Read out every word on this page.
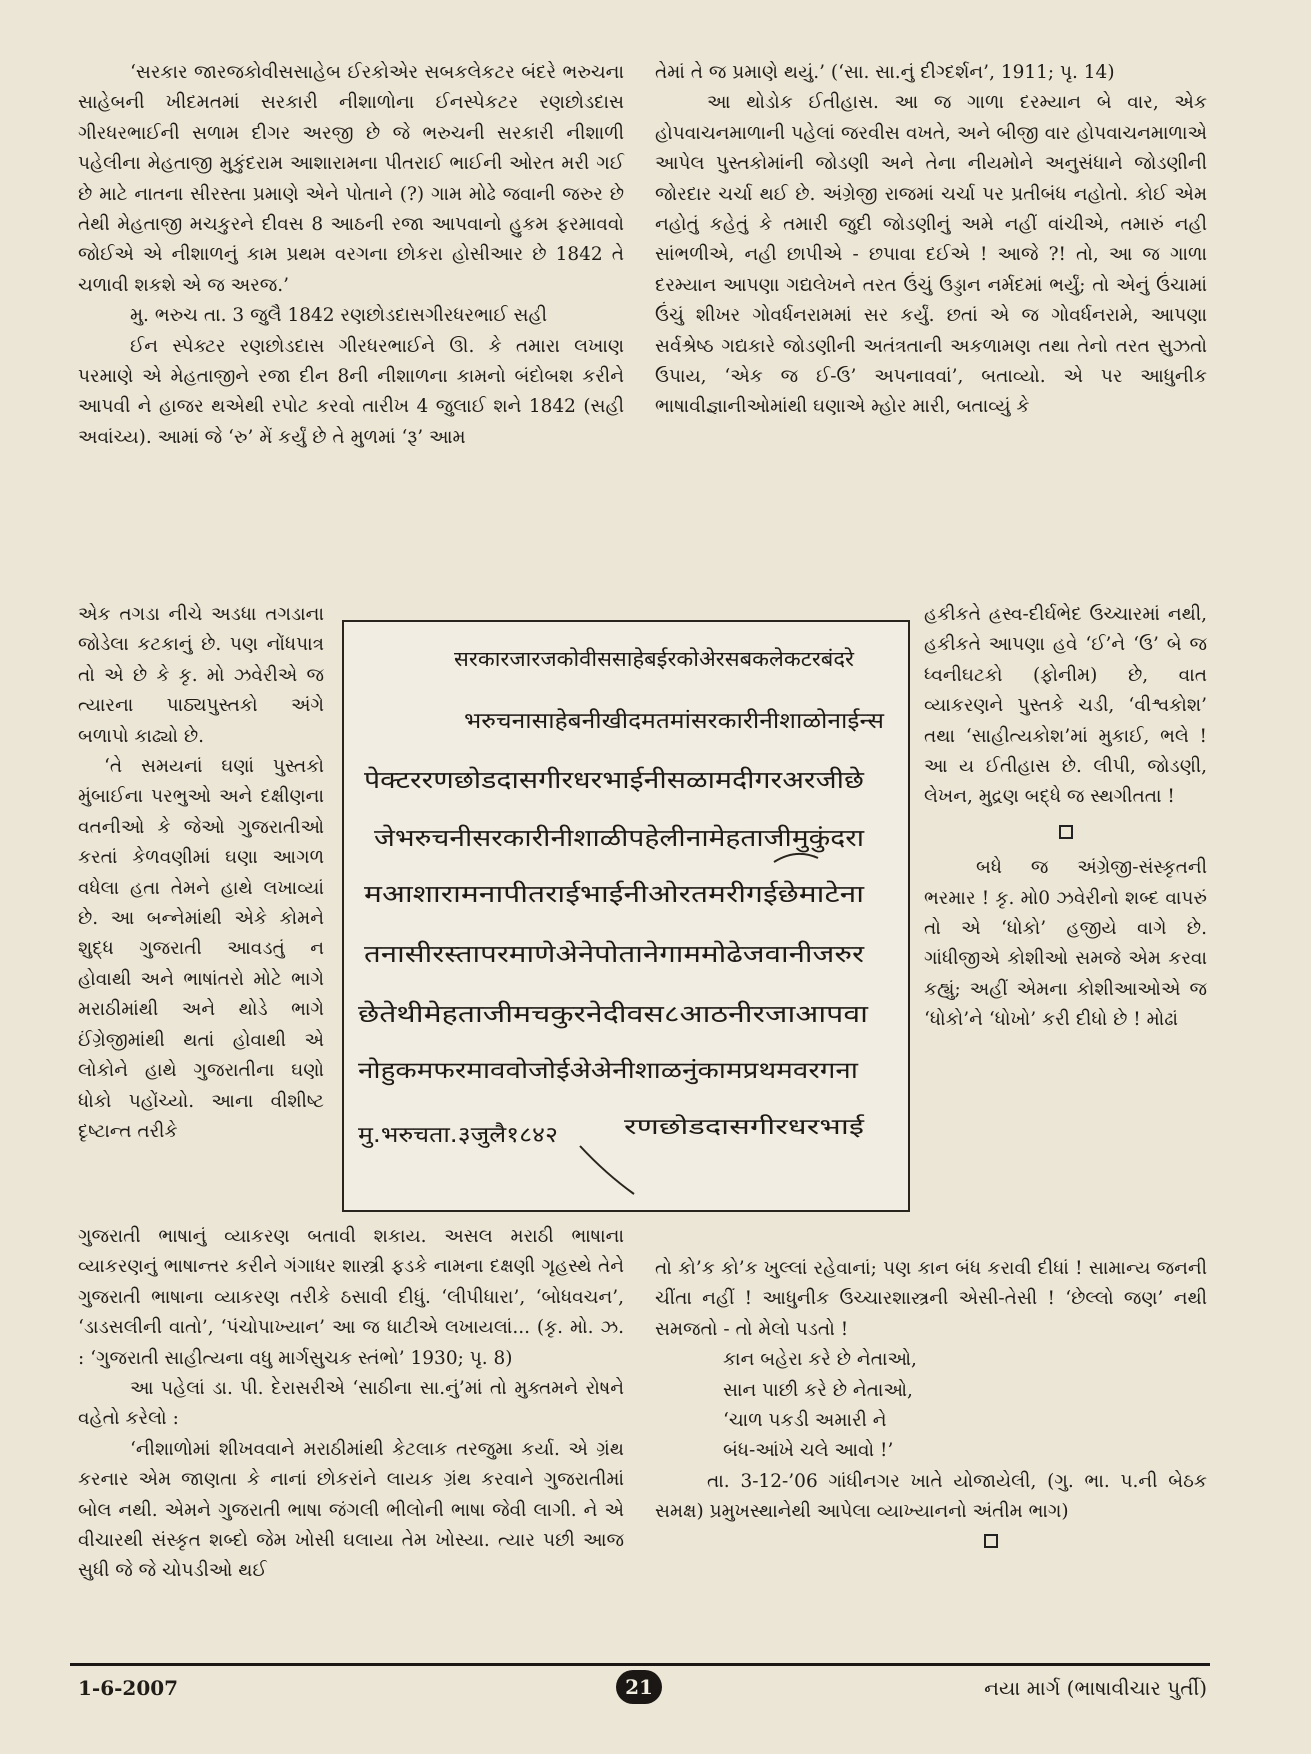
‘સરકાર જારજકોવીસસાહેબ ઈરકોએર સબકલેકટર બંદરે ભરુચના સાહેબની ખીદમતમાં સરકારી નીશાળોના ઈનસ્પેકટર રણછોડદાસ ગીરધરભાઈની સળામ દીગર અરજી છે જે ભરુચની સરકારી નીશાળી પહેલીના મેહતાજી મુકુંદરામ આશારામના પીતરાઈ ભાઈની ઓરત મરી ગઈ છે માટે નાતના સીરસ્તા પ્રમાણે એને પોતાને (?) ગામ મોઢે જવાની જરુર છે તેથી મેહતાજી મચકુરને દીવસ 8 આઠની રજા આપવાનો હુકમ ફરમાવવો જોઈએ એ નીશાળનું કામ પ્રથમ વરગના છોકરા હોસીઆર છે 1842 તે ચળાવી શકશે એ જ અરજ.’

મુ. ભરુચ તા. 3 જુલૈ 1842 રણછોડદાસગીરધરભાઈ સહી

ઈન સ્પેક્ટર રણછોડદાસ ગીરધરભાઈને ઊ. કે તમારા લખાણ પરમાણે એ મેહતાજીને રજા દીન 8ની નીશાળના કામનો બંદોબશ કરીને આપવી ને હાજર થએથી રપોટ કરવો તારીખ 4 જુલાઈ શને 1842 (સહી અવાંચ્ય). આમાં જે ‘રુ’ મેં કર્યું છે તે મુળમાં ‘રૂ’ આમ

એક તગડા નીચે અડધા તગડાના જોડેલા કટકાનું છે. પણ નોંધપાત્ર તો એ છે કે કૃ. મો ઝવેરીએ જ ત્યારના પાઠ્યપુસ્તકો અંગે બળાપો કાઢ્યો છે.

‘તે સમયનાં ઘણાં પુસ્તકો મુંબાઈના પરભુઓ અને દક્ષીણના વતનીઓ કે જેઓ ગુજરાતીઓ કરતાં કેળવણીમાં ઘણા આગળ વધેલા હતા તેમને હાથે લખાવ્યાં છે. આ બન્નેમાંથી એકે કોમને શુદ્ધ ગુજરાતી આવડતું ન હોવાથી અને ભાષાંતરો મોટે ભાગે મરાઠીમાંથી અને થોડે ભાગે ઈંગ્રેજીમાંથી થતાં હોવાથી એ લોકોને હાથે ગુજરાતીના ઘણો ધોકો પહોંચ્યો. આના વીશીષ્ટ દૃષ્ટાન્ત તરીકે

सरकारजारजकोवीससाहेबईरकोअेरसबकलेकटरबंदरे
भरुचनासाहेबनीखीदमतमांसरकारीनीशाळोनाईन्स
पेक्टररणछोडदासगीरधरभाईनीसळामदीगरअरजीछे
जेभरुचनीसरकारीनीशाळीपहेलीनामेहताजीमुकुंदरा
मआशारामनापीतराईभाईनीओरतमरीगईछेमाटेना
तनासीरस्तापरमाणेअेनेपोतानेगाममोढेजवानीजरुर
छेतेथीमेहताजीमचकुरनेदीवस८आठनीरजाआपवा
नोहुकमफरमाववोजोईअेअेनीशाळनुंकामप्रथमवरगना
मु.भरुचता.३जुलै१८४२	रणछोडदासगीरधरभाई

ગુજરાતી ભાષાનું વ્યાકરણ બતાવી શકાય. અસલ મરાઠી ભાષાના વ્યાકરણનું ભાષાન્તર કરીને ગંગાધર શાસ્ત્રી ફડકે નામના દક્ષણી ગૃહસ્થે તેને ગુજરાતી ભાષાના વ્યાકરણ તરીકે ઠસાવી દીધું. ‘લીપીધારા’, ‘બોધવચન’, ‘ડાડસલીની વાતો’, ‘પંચોપાખ્યાન’ આ જ ધાટીએ લખાયલાં... (કૃ. મો. ઝ. : ‘ગુજરાતી સાહીત્યના વધુ માર્ગસુચક સ્તંભો’ 1930; પૃ. 8)

આ પહેલાં ડા. પી. દેરાસરીએ ‘સાઠીના સા.નું’માં તો મુક્તમને રોષને વહેતો કરેલો :

‘નીશાળોમાં શીખવવાને મરાઠીમાંથી કેટલાક તરજુમા કર્યા. એ ગ્રંથ કરનાર એમ જાણતા કે નાનાં છોકરાંને લાયક ગ્રંથ કરવાને ગુજરાતીમાં બોલ નથી. એમને ગુજરાતી ભાષા જંગલી ભીલોની ભાષા જેવી લાગી. ને એ વીચારથી સંસ્કૃત શબ્દો જેમ ખોસી ઘલાયા તેમ ખોસ્યા. ત્યાર પછી આજ સુધી જે જે ચોપડીઓ થઈ

તેમાં તે જ પ્રમાણે થયું.’ (‘સા. સા.નું દીગ્દર્શન’, 1911; પૃ. 14)

આ થોડોક ઈતીહાસ. આ જ ગાળા દરમ્યાન બે વાર, એક હોપવાચનમાળાની પહેલાં જરવીસ વખતે, અને બીજી વાર હોપવાચનમાળાએ આપેલ પુસ્તકોમાંની જોડણી અને તેના નીયમોને અનુસંધાને જોડણીની જોરદાર ચર્ચા થઈ છે. અંગ્રેજી રાજમાં ચર્ચા પર પ્રતીબંધ નહોતો. કોઈ એમ નહોતું કહેતું કે તમારી જુદી જોડણીનું અમે નહીં વાંચીએ, તમારું નહી સાંભળીએ, નહી છાપીએ - છપાવા દઈએ ! આજે ?! તો, આ જ ગાળા દરમ્યાન આપણા ગદ્યલેખને તરત ઉંચું ઉડ્ડાન નર્મદમાં ભર્યું; તો એનું ઉંચામાં ઉંચું શીખર ગોવર્ધનરામમાં સર કર્યું. છતાં એ જ ગોવર્ધનરામે, આપણા સર્વશ્રેષ્ઠ ગદ્યકારે જોડણીની અતંત્રતાની અકળામણ તથા તેનો તરત સુઝતો ઉપાય, ‘એક જ ઈ-ઉ’ અપનાવવાં’, બતાવ્યો. એ પર આધુનીક ભાષાવીજ્ઞાનીઓમાંથી ઘણાએ મ્હોર મારી, બતાવ્યું કે

હકીકતે હ્રસ્વ-દીર્ઘભેદ ઉચ્ચારમાં નથી, હકીકતે આપણા હવે ‘ઈ’ને ‘ઉ’ બે જ ધ્વનીઘટકો (ફોનીમ) છે, વાત વ્યાકરણને પુસ્તકે ચડી, ‘વીશ્વકોશ’ તથા ‘સાહીત્યકોશ’માં મુકાઈ, ભલે ! આ ય ઈતીહાસ છે. લીપી, જોડણી, લેખન, મુદ્રણ બદ્ધે જ સ્થગીતતા !

બધે જ અંગ્રેજી-સંસ્કૃતની ભરમાર ! કૃ. મો0 ઝવેરીનો શબ્દ વાપરું તો એ ‘ધોકો’ હજીયે વાગે છે. ગાંધીજીએ કોશીઓ સમજે એમ કરવા કહ્યું; અહીં એમના કોશીઆઓએ જ ‘ધોકો’ને ‘ધોખો’ કરી દીધો છે ! મોઢાં

તો કો’ક કો’ક ખુલ્લાં રહેવાનાં; પણ કાન બંધ કરાવી દીધાં ! સામાન્ય જનની ચીંતા નહીં ! આધુનીક ઉચ્ચારશાસ્ત્રની એસી-તેસી ! ‘છેલ્લો જણ’ નથી સમજતો - તો મેલો પડતો !

કાન બહેરા કરે છે નેતાઓ,

સાન પાછી કરે છે નેતાઓ,

‘ચાળ પકડી અમારી ને

બંધ-આંખે ચલે આવો !’

તા. 3-12-’06 ગાંધીનગર ખાતે યોજાયેલી, (ગુ. ભા. પ.ની બેઠક સમક્ષ) પ્રમુખસ્થાનેથી આપેલા વ્યાખ્યાનનો અંતીમ ભાગ)

1-6-2007	21	નયા માર્ગ (ભાષાવીચાર પુર્તી)
